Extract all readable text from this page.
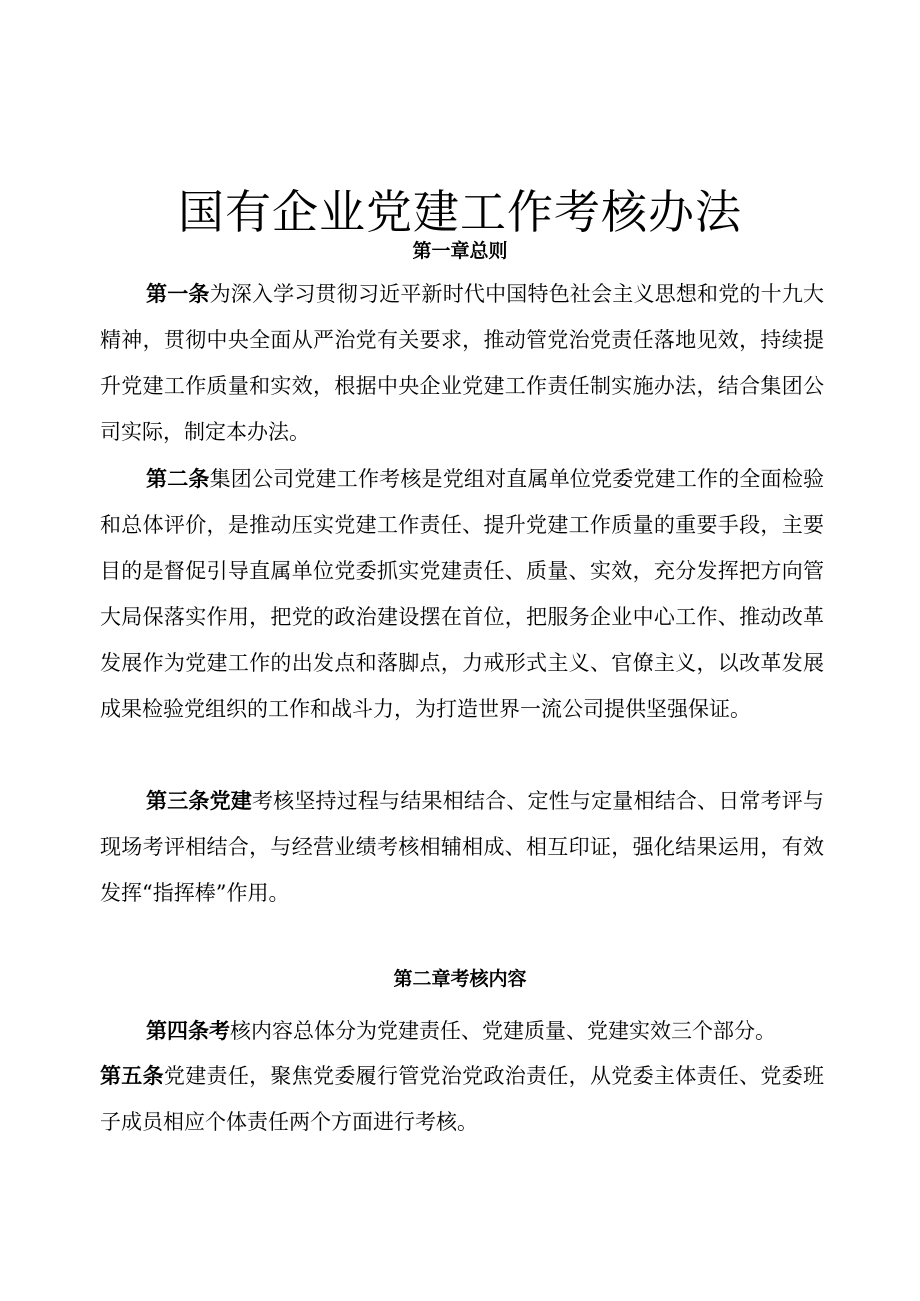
国有企业党建工作考核办法
第一章总则

第一条为深入学习贯彻习近平新时代中国特色社会主义思想和党的十九大精神，贯彻中央全面从严治党有关要求，推动管党治党责任落地见效，持续提升党建工作质量和实效，根据中央企业党建工作责任制实施办法，结合集团公司实际，制定本办法。

第二条集团公司党建工作考核是党组对直属单位党委党建工作的全面检验和总体评价，是推动压实党建工作责任、提升党建工作质量的重要手段，主要目的是督促引导直属单位党委抓实党建责任、质量、实效，充分发挥把方向管大局保落实作用，把党的政治建设摆在首位，把服务企业中心工作、推动改革发展作为党建工作的出发点和落脚点，力戒形式主义、官僚主义，以改革发展成果检验党组织的工作和战斗力，为打造世界一流公司提供坚强保证。

第三条党建考核坚持过程与结果相结合、定性与定量相结合、日常考评与现场考评相结合，与经营业绩考核相辅相成、相互印证，强化结果运用，有效发挥“指挥棒”作用。

第二章考核内容

第四条考核内容总体分为党建责任、党建质量、党建实效三个部分。

第五条党建责任，聚焦党委履行管党治党政治责任，从党委主体责任、党委班子成员相应个体责任两个方面进行考核。
